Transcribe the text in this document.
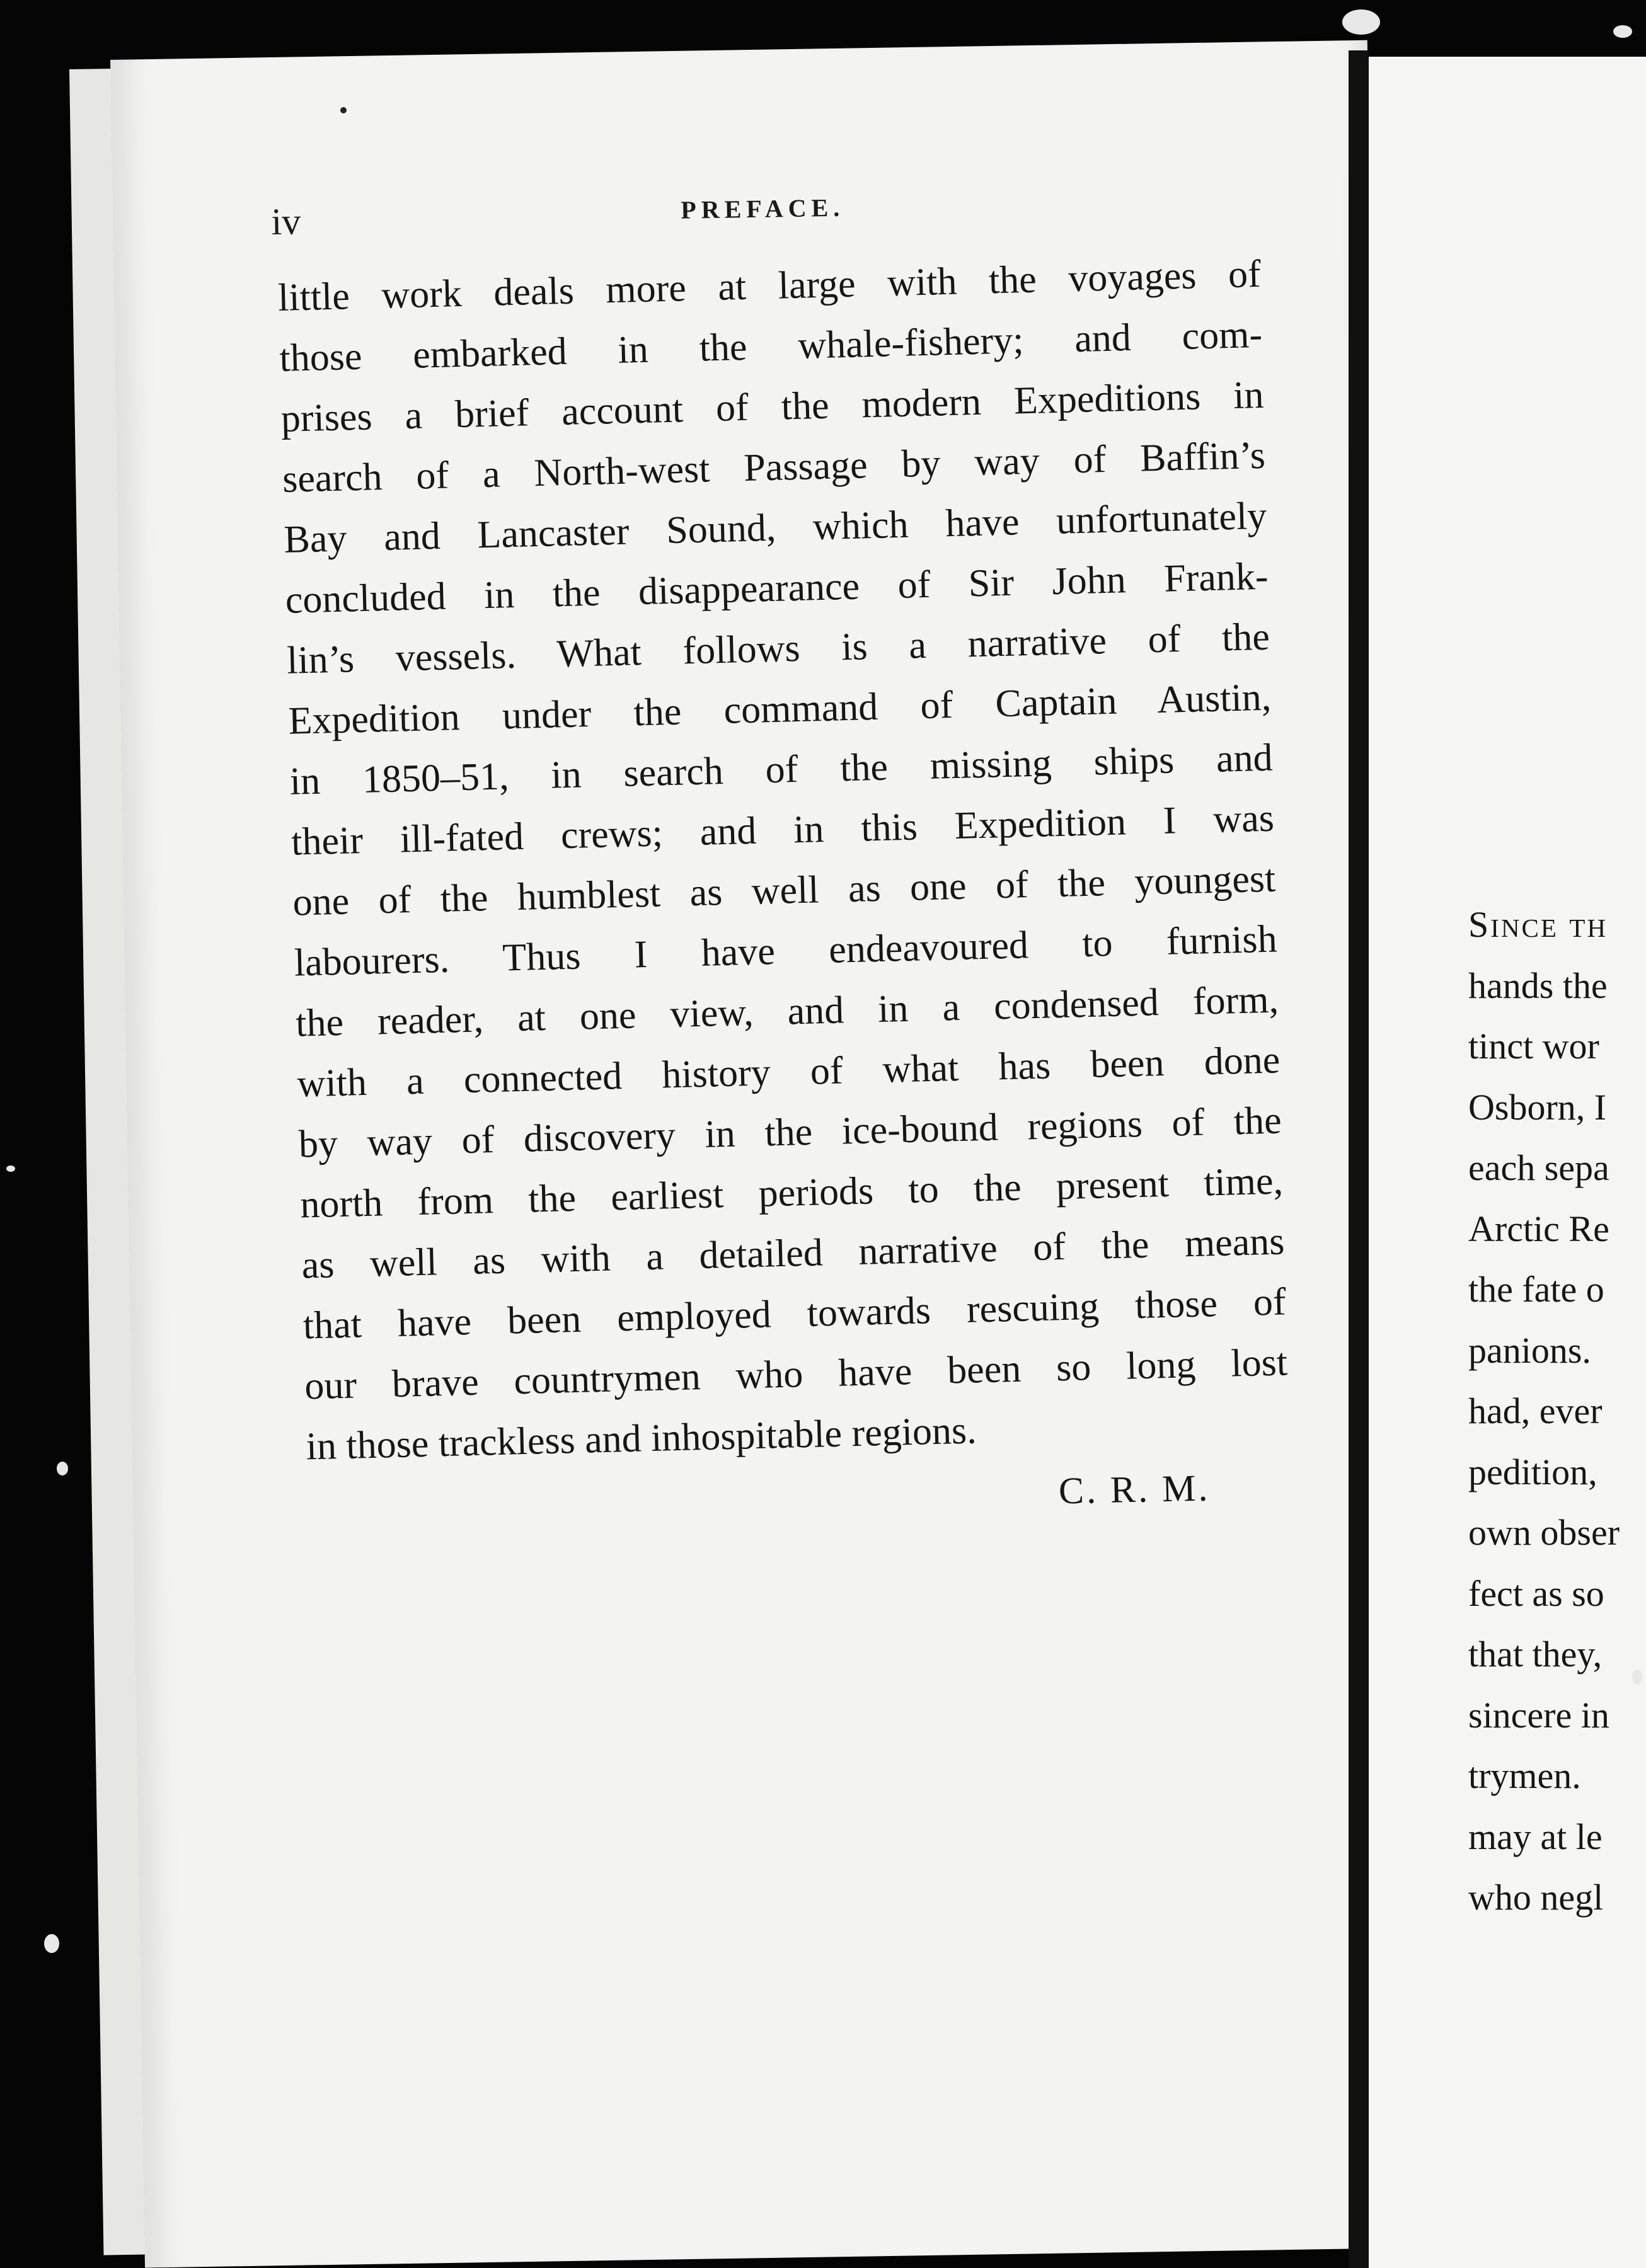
iv	PREFACE.
little work deals more at large with the voyages of
those embarked in the whale-fishery; and com-
prises a brief account of the modern Expeditions in
search of a North-west Passage by way of Baffin’s
Bay and Lancaster Sound, which have unfortunately
concluded in the disappearance of Sir John Frank-
lin’s vessels. What follows is a narrative of the
Expedition under the command of Captain Austin,
in 1850–51, in search of the missing ships and
their ill-fated crews; and in this Expedition I was
one of the humblest as well as one of the youngest
labourers. Thus I have endeavoured to furnish
the reader, at one view, and in a condensed form,
with a connected history of what has been done
by way of discovery in the ice-bound regions of the
north from the earliest periods to the present time,
as well as with a detailed narrative of the means
that have been employed towards rescuing those of
our brave countrymen who have been so long lost
in those trackless and inhospitable regions.
C. R. M.
Since th
hands the
tinct wor
Osborn, I
each sepa
Arctic Re
the fate o
panions.
had, ever
pedition,
own obser
fect as so
that they,
sincere in
trymen.
may at le
who negl
